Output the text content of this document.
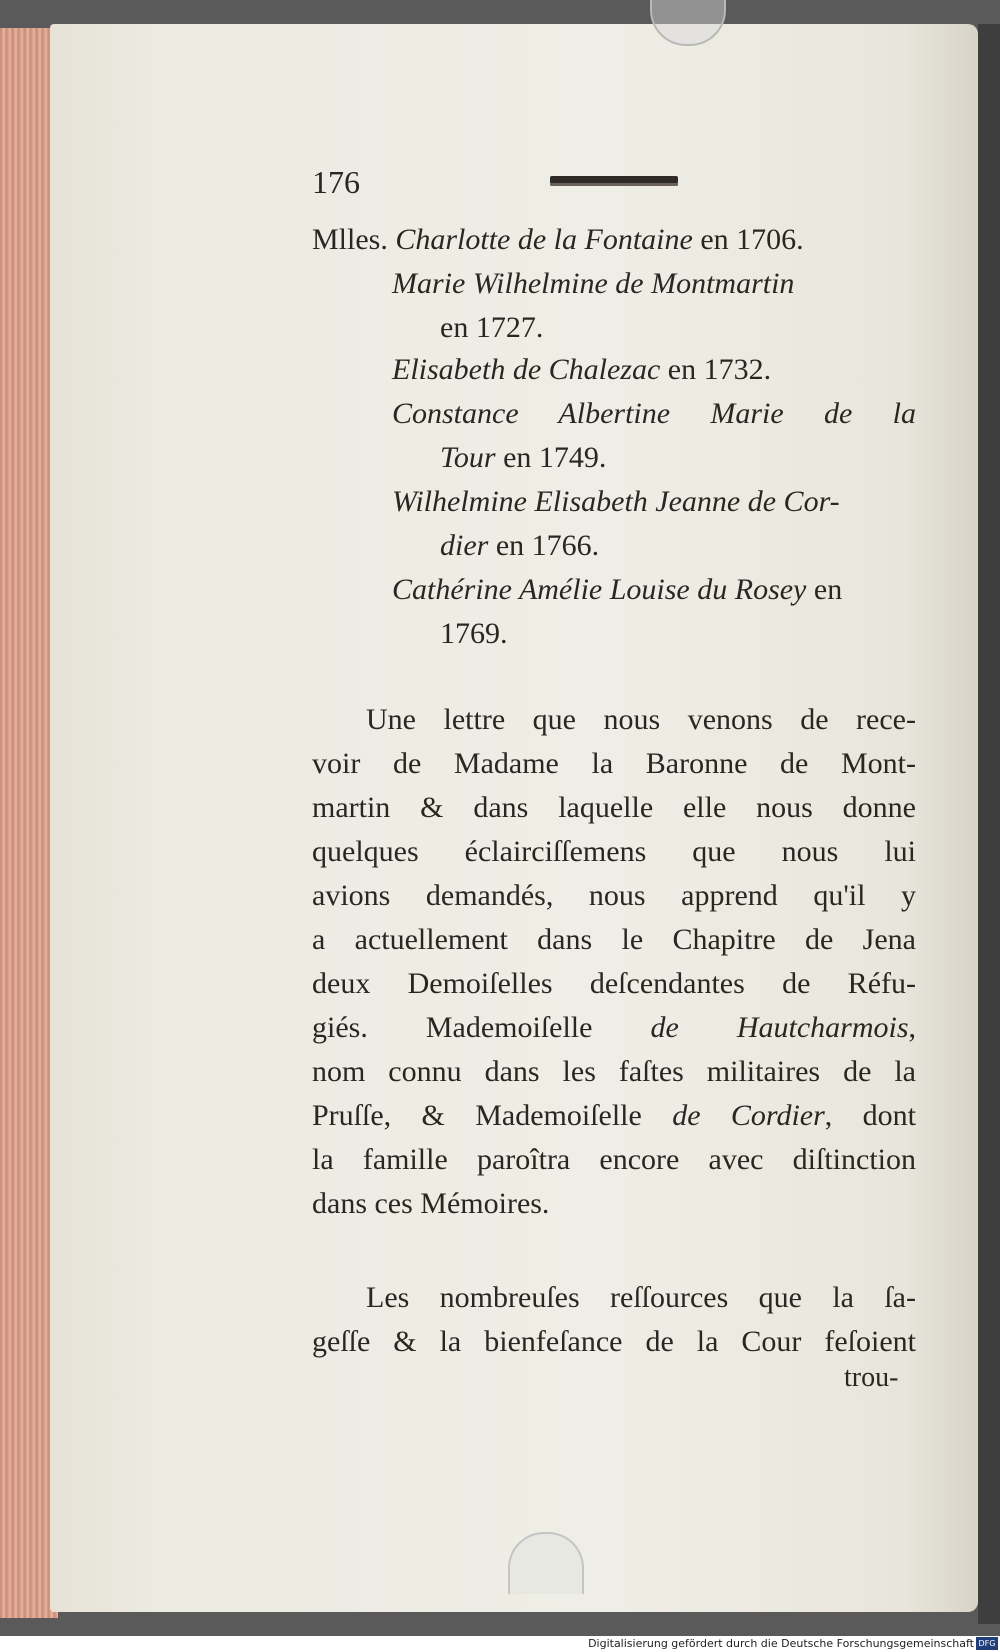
176
Mlles. Charlotte de la Fontaine en 1706.
Marie Wilhelmine de Montmartin
en 1727.
Elisabeth de Chalezac en 1732.
Constance Albertine Marie de la
Tour en 1749.
Wilhelmine Elisabeth Jeanne de Cor-
dier en 1766.
Cathérine Amélie Louise du Rosey en
1769.
Une lettre que nous venons de rece-
voir de Madame la Baronne de Mont-
martin & dans laquelle elle nous donne
quelques éclairciſſemens que nous lui
avions demandés, nous apprend qu'il y
a actuellement dans le Chapitre de Jena
deux Demoiſelles deſcendantes de Réfu-
giés. Mademoiſelle de Hautcharmois,
nom connu dans les faſtes militaires de la
Pruſſe, & Mademoiſelle de Cordier, dont
la famille paroîtra encore avec diſtinction
dans ces Mémoires.
Les nombreuſes reſſources que la ſa-
geſſe & la bienfeſance de la Cour feſoient
trou-
Digitalisierung gefördert durch die Deutsche Forschungsgemeinschaft DFG
